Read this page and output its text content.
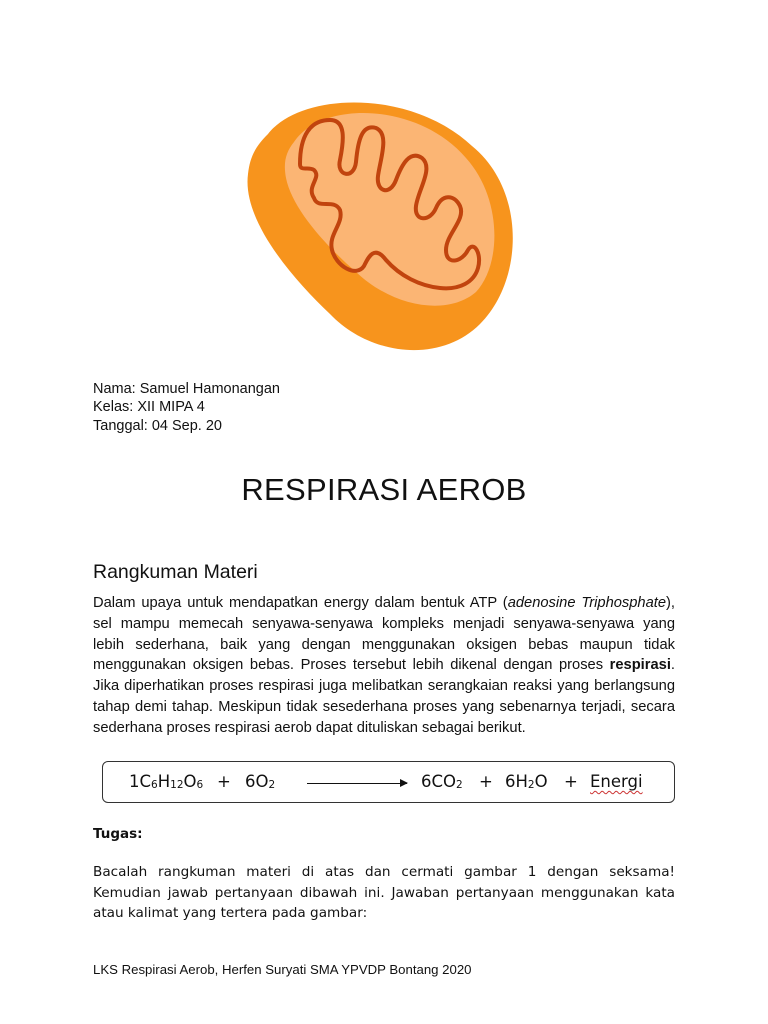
Nama: Samuel Hamonangan
Kelas: XII MIPA 4
Tanggal: 04 Sep. 20
RESPIRASI AEROB
Rangkuman Materi

Dalam upaya untuk mendapatkan energy dalam bentuk ATP (adenosine Triphosphate), sel mampu memecah senyawa-senyawa kompleks menjadi senyawa-senyawa yang lebih sederhana, baik yang dengan menggunakan oksigen bebas maupun tidak menggunakan oksigen bebas. Proses tersebut lebih dikenal dengan proses respirasi. Jika diperhatikan proses respirasi juga melibatkan serangkaian reaksi yang berlangsung tahap demi tahap. Meskipun tidak sesederhana proses yang sebenarnya terjadi, secara sederhana proses respirasi aerob dapat dituliskan sebagai berikut.

$1C_6H_{12}O_6 + 6O_2$	$6CO_2 + 6H_2O$ + Energi

Tugas:

Bacalah rangkuman materi di atas dan cermati gambar 1 dengan seksama! Kemudian jawab pertanyaan dibawah ini. Jawaban pertanyaan menggunakan kata atau kalimat yang tertera pada gambar:

LKS Respirasi Aerob, Herfen Suryati SMA YPVDP Bontang 2020
